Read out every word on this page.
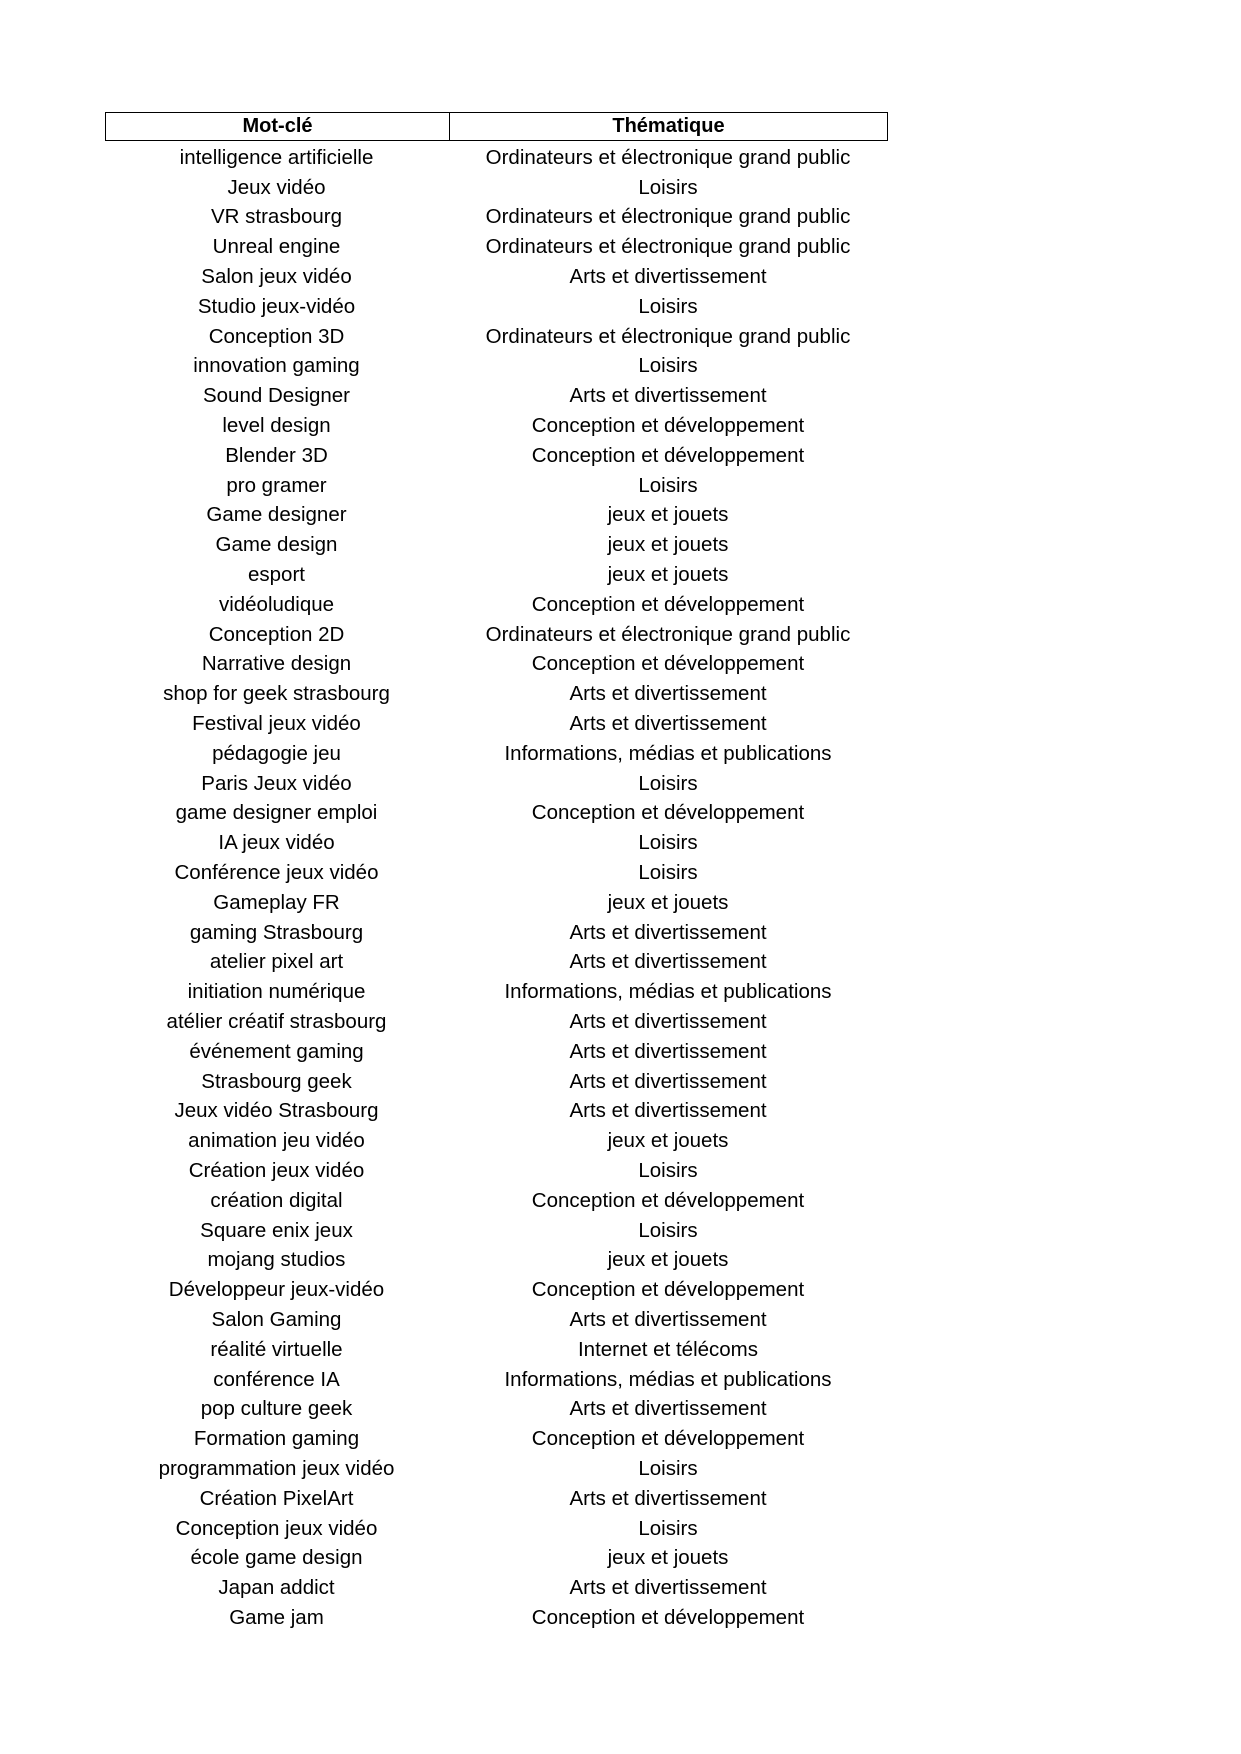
Mot-clé	Thématique
intelligence artificielle	Ordinateurs et électronique grand public
Jeux vidéo	Loisirs
VR strasbourg	Ordinateurs et électronique grand public
Unreal engine	Ordinateurs et électronique grand public
Salon jeux vidéo	Arts et divertissement
Studio jeux-vidéo	Loisirs
Conception 3D	Ordinateurs et électronique grand public
innovation gaming	Loisirs
Sound Designer	Arts et divertissement
level design	Conception et développement
Blender 3D	Conception et développement
pro gramer	Loisirs
Game designer	jeux et jouets
Game design	jeux et jouets
esport	jeux et jouets
vidéoludique	Conception et développement
Conception 2D	Ordinateurs et électronique grand public
Narrative design	Conception et développement
shop for geek strasbourg	Arts et divertissement
Festival jeux vidéo	Arts et divertissement
pédagogie jeu	Informations, médias et publications
Paris Jeux vidéo	Loisirs
game designer emploi	Conception et développement
IA jeux vidéo	Loisirs
Conférence jeux vidéo	Loisirs
Gameplay FR	jeux et jouets
gaming Strasbourg	Arts et divertissement
atelier pixel art	Arts et divertissement
initiation numérique	Informations, médias et publications
atélier créatif strasbourg	Arts et divertissement
événement gaming	Arts et divertissement
Strasbourg geek	Arts et divertissement
Jeux vidéo Strasbourg	Arts et divertissement
animation jeu vidéo	jeux et jouets
Création jeux vidéo	Loisirs
création digital	Conception et développement
Square enix jeux	Loisirs
mojang studios	jeux et jouets
Développeur jeux-vidéo	Conception et développement
Salon Gaming	Arts et divertissement
réalité virtuelle	Internet et télécoms
conférence IA	Informations, médias et publications
pop culture geek	Arts et divertissement
Formation gaming	Conception et développement
programmation jeux vidéo	Loisirs
Création PixelArt	Arts et divertissement
Conception jeux vidéo	Loisirs
école game design	jeux et jouets
Japan addict	Arts et divertissement
Game jam	Conception et développement
